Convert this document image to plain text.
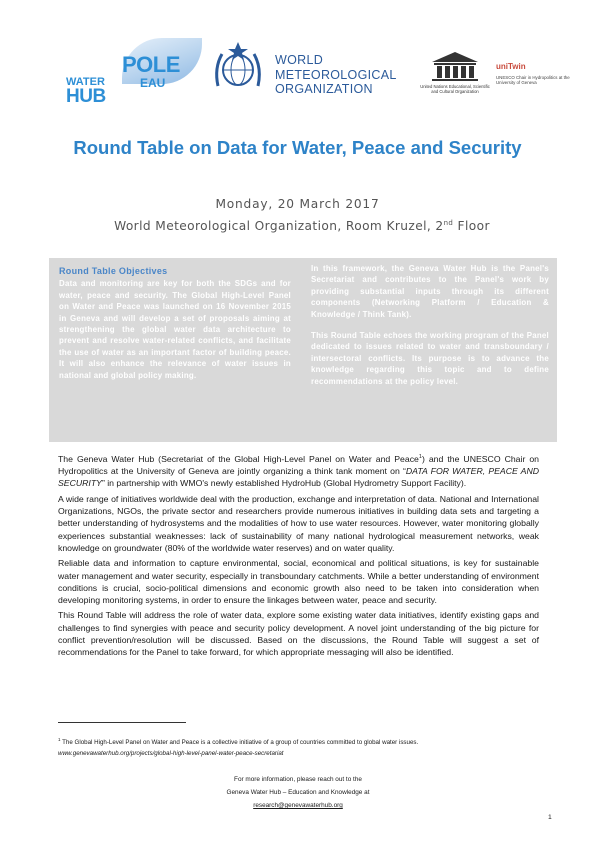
POLE
EAU
WATER
HUB
WORLD
METEOROLOGICAL
ORGANIZATION	United Nations Educational, Scientific and Cultural Organization
uniTwin
UNESCO Chair in Hydropolitics at the University of Geneva
Round Table on Data for Water, Peace and Security
Monday, 20 March 2017
World Meteorological Organization, Room Kruzel, 2nd Floor
Round Table Objectives
Data and monitoring are key for both the SDGs and for water, peace and security. The Global High-Level Panel on Water and Peace was launched on 16 November 2015 in Geneva and will develop a set of proposals aiming at strengthening the global water data architecture to prevent and resolve water-related conflicts, and facilitate the use of water as an important factor of building peace. It will also enhance the relevance of water issues in national and global policy making.

In this framework, the Geneva Water Hub is the Panel's Secretariat and contributes to the Panel's work by providing substantial inputs through its different components (Networking Platform / Education & Knowledge / Think Tank).

This Round Table echoes the working program of the Panel dedicated to issues related to water and transboundary / intersectoral conflicts. Its purpose is to advance the knowledge regarding this topic and to define recommendations at the policy level.

The Geneva Water Hub (Secretariat of the Global High-Level Panel on Water and Peace$^1$) and the UNESCO Chair on Hydropolitics at the University of Geneva are jointly organizing a think tank moment on “DATA FOR WATER, PEACE AND SECURITY” in partnership with WMO's newly established HydroHub (Global Hydrometry Support Facility).

A wide range of initiatives worldwide deal with the production, exchange and interpretation of data. National and International Organizations, NGOs, the private sector and researchers provide numerous initiatives in building data sets and targeting a better understanding of hydrosystems and the modalities of how to use water resources. However, water monitoring globally experiences substantial weaknesses: lack of sustainability of many national hydrological measurement networks, weak knowledge on groundwater (80% of the worldwide water reserves) and on water quality.

Reliable data and information to capture environmental, social, economical and political situations, is key for sustainable water management and water security, especially in transboundary catchments. While a better understanding of environment conditions is crucial, socio-political dimensions and economic growth also need to be taken into consideration when developing monitoring systems, in order to ensure the linkages between water, peace and security.

This Round Table will address the role of water data, explore some existing water data initiatives, identify existing gaps and challenges to find synergies with peace and security policy development. A novel joint understanding of the big picture for conflict prevention/resolution will be discussed. Based on the discussions, the Round Table will suggest a set of recommendations for the Panel to take forward, for which appropriate messaging will also be identified.

$^1$ The Global High-Level Panel on Water and Peace is a collective initiative of a group of countries committed to global water issues.
www.genevawaterhub.org/projects/global-high-level-panel-water-peace-secretariat
For more information, please reach out to the
Geneva Water Hub – Education and Knowledge at
research@genevawaterhub.org
1
